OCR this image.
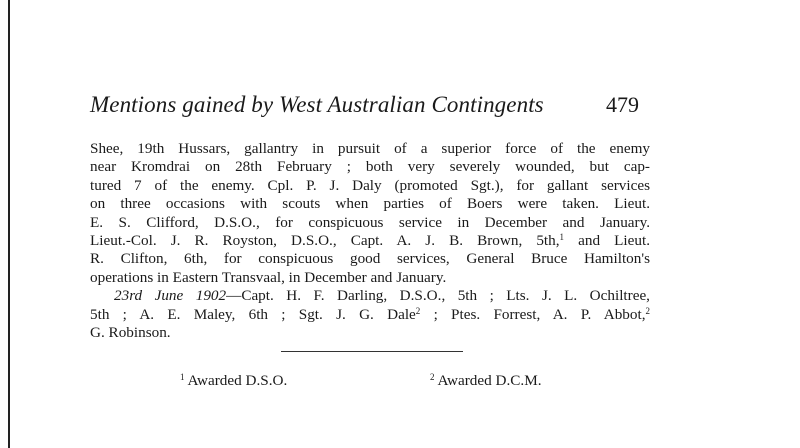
Mentions gained by West Australian Contingents	479
Shee, 19th Hussars, gallantry in pursuit of a superior force of the enemy
near Kromdrai on 28th February ; both very severely wounded, but cap-
tured 7 of the enemy. Cpl. P. J. Daly (promoted Sgt.), for gallant services
on three occasions with scouts when parties of Boers were taken. Lieut.
E. S. Clifford, D.S.O., for conspicuous service in December and January.
Lieut.-Col. J. R. Royston, D.S.O., Capt. A. J. B. Brown, 5th,$^1$ and Lieut.
R. Clifton, 6th, for conspicuous good services, General Bruce Hamilton's
operations in Eastern Transvaal, in December and January.
23rd June 1902—Capt. H. F. Darling, D.S.O., 5th ; Lts. J. L. Ochiltree,
5th ; A. E. Maley, 6th ; Sgt. J. G. Dale$^2$ ; Ptes. Forrest, A. P. Abbot,$^2$
G. Robinson.
$^1$ Awarded D.S.O.	$^2$ Awarded D.C.M.
